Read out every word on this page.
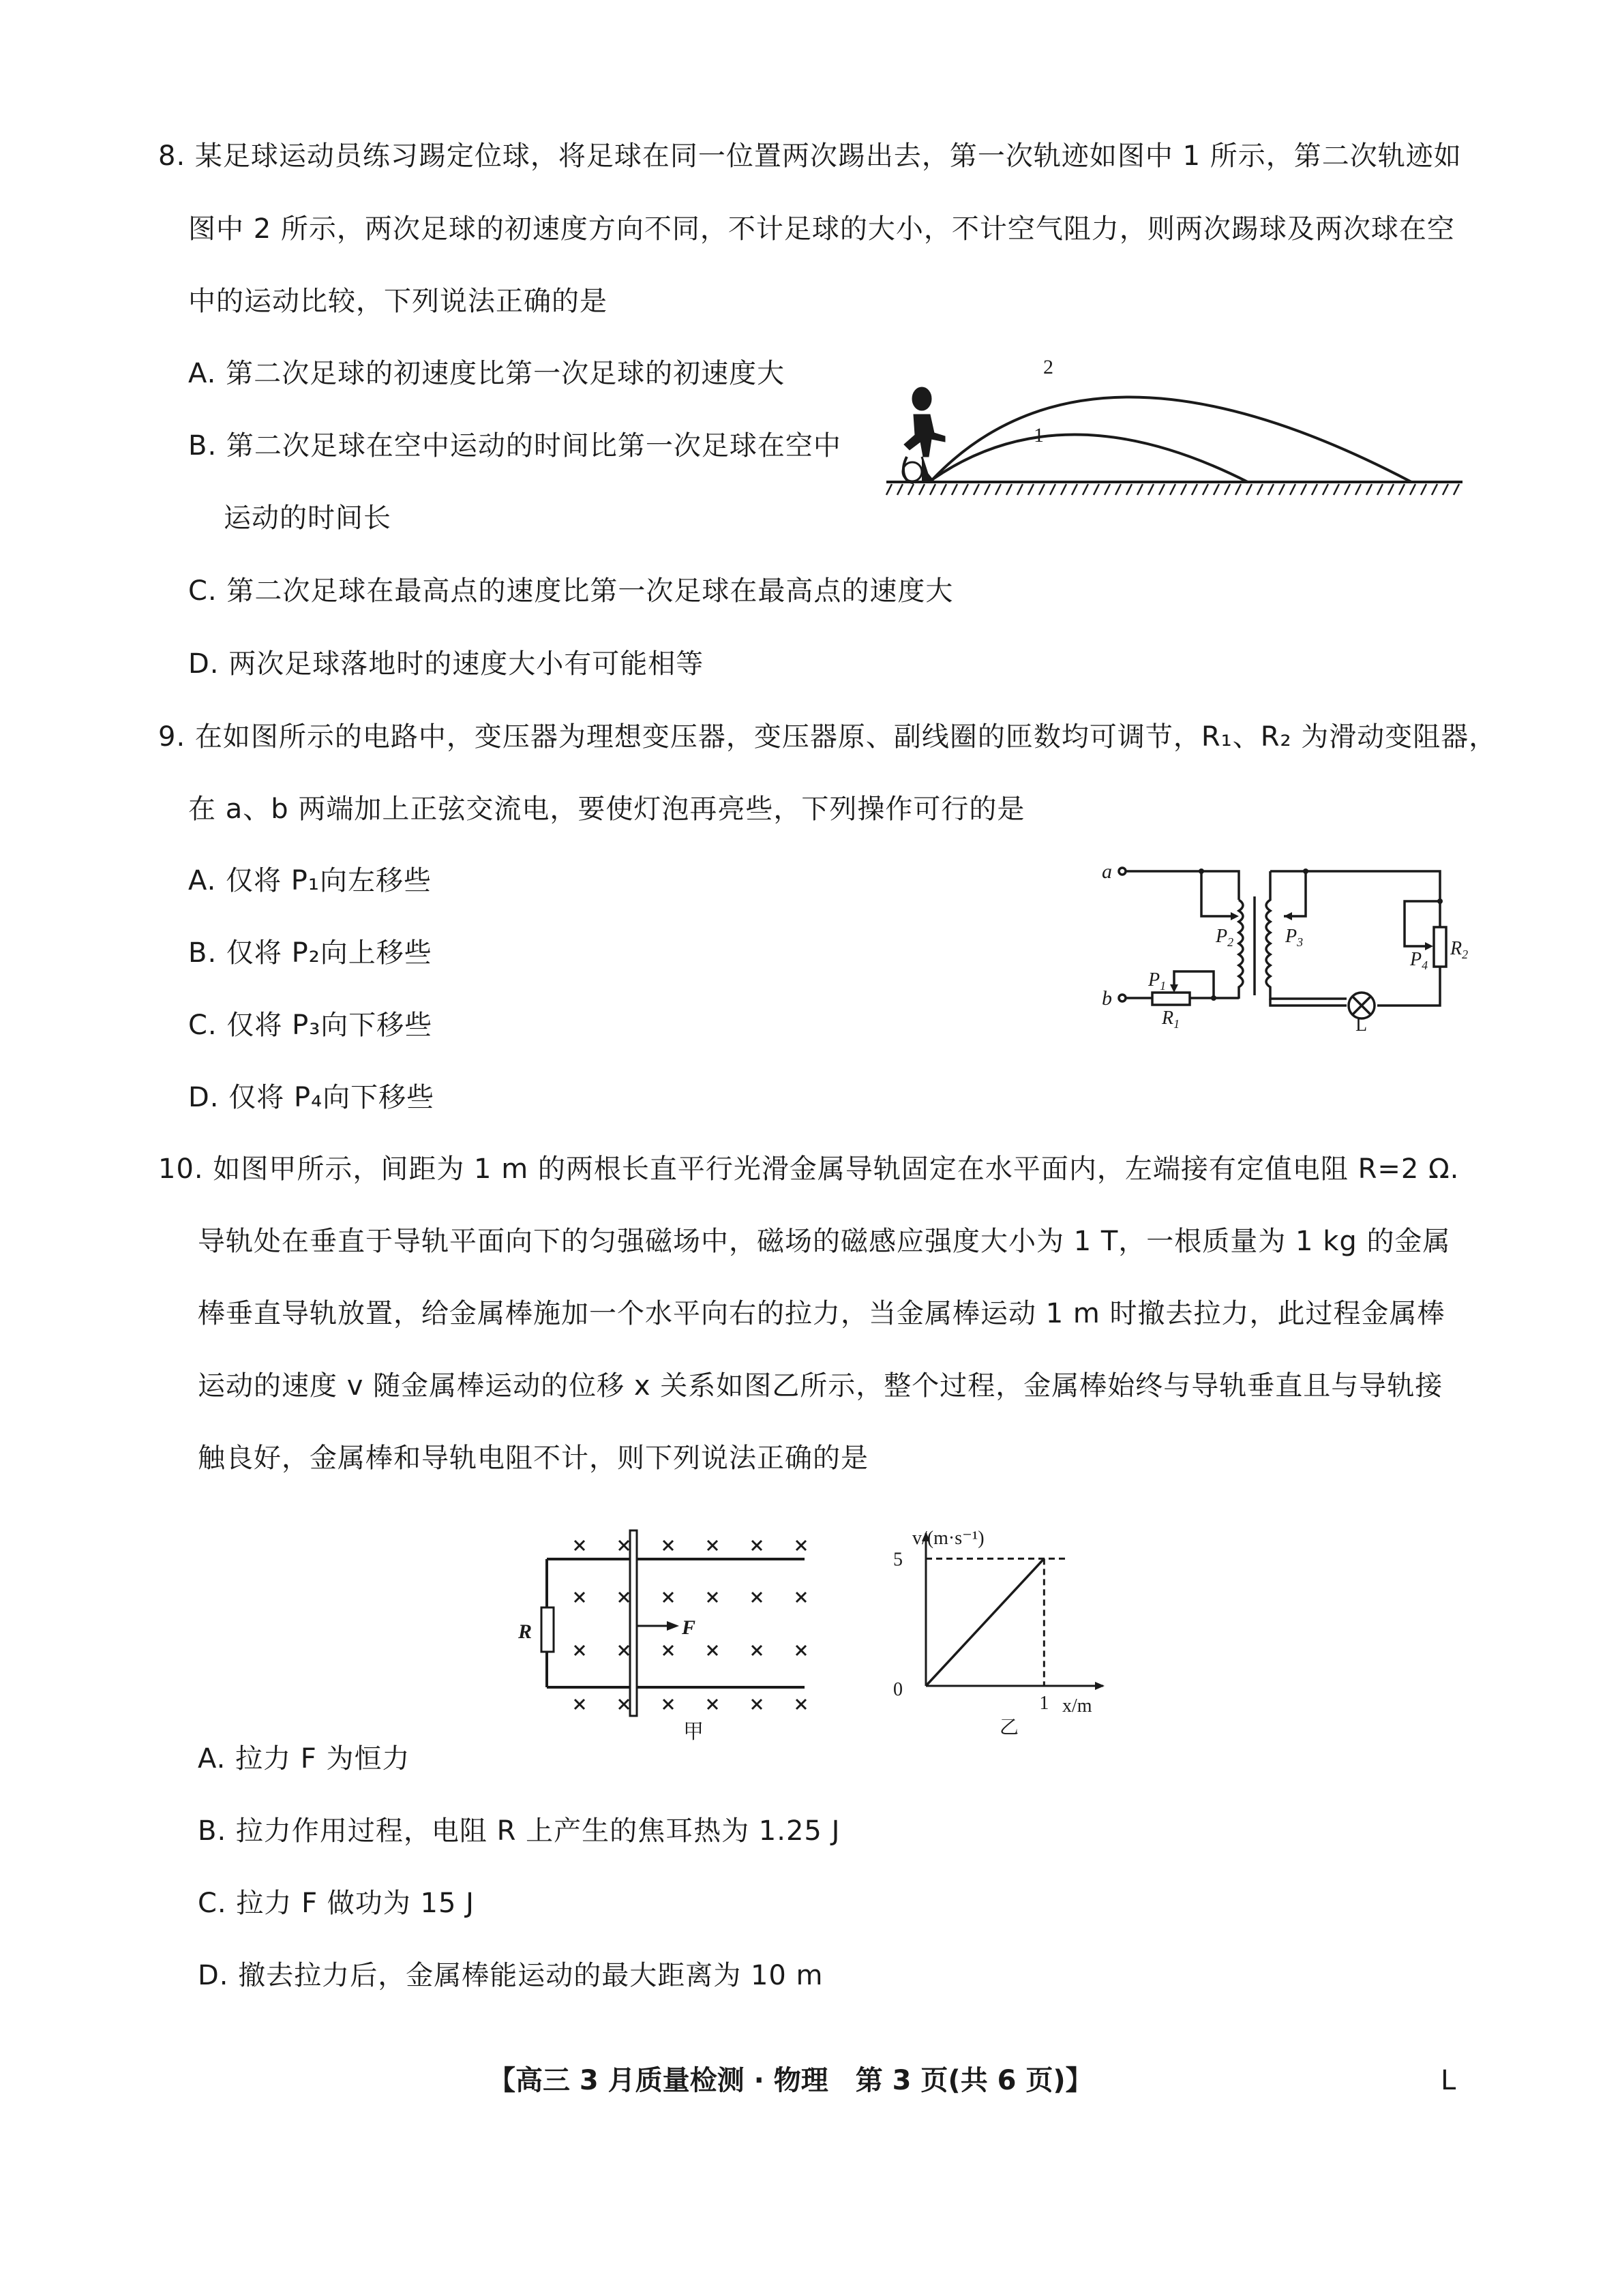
8. 某足球运动员练习踢定位球，将足球在同一位置两次踢出去，第一次轨迹如图中 1 所示，第二次轨迹如
图中 2 所示，两次足球的初速度方向不同，不计足球的大小，不计空气阻力，则两次踢球及两次球在空
中的运动比较，下列说法正确的是
A. 第二次足球的初速度比第一次足球的初速度大
B. 第二次足球在空中运动的时间比第一次足球在空中
运动的时间长
C. 第二次足球在最高点的速度比第一次足球在最高点的速度大
D. 两次足球落地时的速度大小有可能相等
2
1
9. 在如图所示的电路中，变压器为理想变压器，变压器原、副线圈的匝数均可调节，R₁、R₂ 为滑动变阻器，
在 a、b 两端加上正弦交流电，要使灯泡再亮些，下列操作可行的是
A. 仅将 P₁向左移些
B. 仅将 P₂向上移些
C. 仅将 P₃向下移些
D. 仅将 P₄向下移些
a
b
$P_2$	$P_3$
$P_4$
$R_2$
$P_1$
$R_1$	L
10. 如图甲所示，间距为 1 m 的两根长直平行光滑金属导轨固定在水平面内，左端接有定值电阻 R=2 Ω.
导轨处在垂直于导轨平面向下的匀强磁场中，磁场的磁感应强度大小为 1 T，一根质量为 1 kg 的金属
棒垂直导轨放置，给金属棒施加一个水平向右的拉力，当金属棒运动 1 m 时撤去拉力，此过程金属棒
运动的速度 v 随金属棒运动的位移 x 关系如图乙所示，整个过程，金属棒始终与导轨垂直且与导轨接
触良好，金属棒和导轨电阻不计，则下列说法正确的是
R	F
甲
v/(m·s⁻¹)
x/m
5
0
1
乙
A. 拉力 F 为恒力
B. 拉力作用过程，电阻 R 上产生的焦耳热为 1.25 J
C. 拉力 F 做功为 15 J
D. 撤去拉力后，金属棒能运动的最大距离为 10 m
【高三 3 月质量检测 · 物理　第 3 页(共 6 页)】	L
